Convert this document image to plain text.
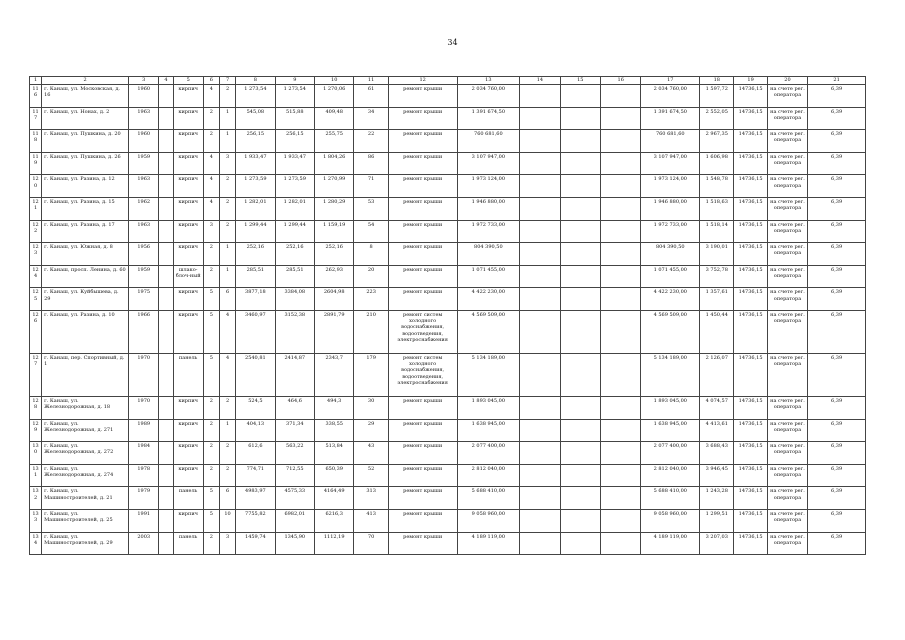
34
1	2	3	4	5	6	7	8	9	10	11	12	13	14	15	16	17	18	19	20	21
116	г. Канаш, ул. Московская, д. 16	1960		кирпич	4	2	1 273,54	1 273,54	1 270,06	61	ремонт крыши	2 034 760,00				2 034 760,00	1 597,72	14736,15	на счете рег. оператора	6,39
117	г. Канаш, ул. Нонах, д. 2	1963		кирпич	2	1	545,08	515,88	409,48	34	ремонт крыши	1 391 674,50				1 391 674,50	2 552,05	14736,15	на счете рег. оператора	6,39
118	г. Канаш, ул. Пушкина, д. 20	1960		кирпич	2	1	256,15	256,15	255,75	22	ремонт крыши	760 681,60				760 681,60	2 967,35	14736,15	на счете рег. оператора	6,39
119	г. Канаш, ул. Пушкина, д. 26	1959		кирпич	4	3	1 933,47	1 933,47	1 804,26	86	ремонт крыши	3 107 947,00				3 107 947,00	1 606,98	14736,15	на счете рег. оператора	6,39
120	г. Канаш, ул. Разина, д. 12	1963		кирпич	4	2	1 273,59	1 273,59	1 270,99	71	ремонт крыши	1 973 124,00				1 973 124,00	1 548,78	14736,15	на счете рег. оператора	6,39
121	г. Канаш, ул. Разина, д. 15	1962		кирпич	4	2	1 282,01	1 282,01	1 280,29	53	ремонт крыши	1 946 880,00				1 946 880,00	1 518,63	14736,15	на счете рег. оператора	6,39
122	г. Канаш, ул. Разина, д. 17	1963		кирпич	3	2	1 299,44	1 299,44	1 159,19	54	ремонт крыши	1 972 733,00				1 972 733,00	1 518,14	14736,15	на счете рег. оператора	6,39
123	г. Канаш, ул. Южная, д. 8	1956		кирпич	2	1	252,16	252,16	252,16	8	ремонт крыши	804 390,50				804 390,50	3 190,01	14736,15	на счете рег. оператора	6,39
124	г. Канаш, просп. Ленина, д. 60	1959		шлако-блоч-ный	2	1	285,51	285,51	262,93	20	ремонт крыши	1 071 455,00				1 071 455,00	3 752,78	14736,15	на счете рег. оператора	6,39
125	г. Канаш, ул. Куйбышева, д. 29	1975		кирпич	5	6	3877,18	3384,08	2604,98	223	ремонт крыши	4 422 230,00				4 422 230,00	1 357,61	14736,15	на счете рег. оператора	6,39
126	г. Канаш, ул. Разина, д. 10	1966		кирпич	5	4	3460,97	3152,38	2891,79	210	ремонт систем холодного водоснабжения, водоотведения, электроснабжения	4 569 509,00				4 569 509,00	1 450,44	14736,15	на счете рег. оператора	6,39
127	г. Канаш, пер. Спортивный, д. 1	1970		панель	5	4	2540,81	2414,87	2343,7	179	ремонт систем холодного водоснабжения, водоотведения, электроснабжения	5 134 189,00				5 134 189,00	2 126,07	14736,15	на счете рег. оператора	6,39
128	г. Канаш, ул. Железнодорожная, д. 18	1970		кирпич	2	2	524,5	464,6	494,3	30	ремонт крыши	1 893 045,00				1 893 045,00	4 074,57	14736,15	на счете рег. оператора	6,39
129	г. Канаш, ул. Железнодорожная, д. 271	1989		кирпич	2	1	404,13	371,34	338,55	29	ремонт крыши	1 638 945,00				1 638 945,00	4 413,61	14736,15	на счете рег. оператора	6,39
130	г. Канаш, ул. Железнодорожная, д. 272	1984		кирпич	2	2	612,6	563,22	513,84	43	ремонт крыши	2 077 400,00				2 077 400,00	3 688,43	14736,15	на счете рег. оператора	6,39
131	г. Канаш, ул. Железнодорожная, д. 274	1978		кирпич	2	2	774,71	712,55	650,39	52	ремонт крыши	2 812 040,00				2 812 040,00	3 946,45	14736,15	на счете рег. оператора	6,39
132	г. Канаш, ул. Машиностроителей, д. 21	1979		панель	5	6	4983,97	4575,33	4164,49	313	ремонт крыши	5 688 410,00				5 688 410,00	1 243,28	14736,15	на счете рег. оператора	6,39
133	г. Канаш, ул. Машиностроителей, д. 25	1991		кирпич	5	10	7755,82	6982,01	6216,3	413	ремонт крыши	9 058 960,00				9 058 960,00	1 299,51	14736,15	на счете рег. оператора	6,39
134	г. Канаш, ул. Машиностроителей, д. 29	2003		панель	2	3	1459,74	1345,90	1112,19	70	ремонт крыши	4 189 119,00				4 189 119,00	3 207,03	14736,15	на счете рег. оператора	6,39
